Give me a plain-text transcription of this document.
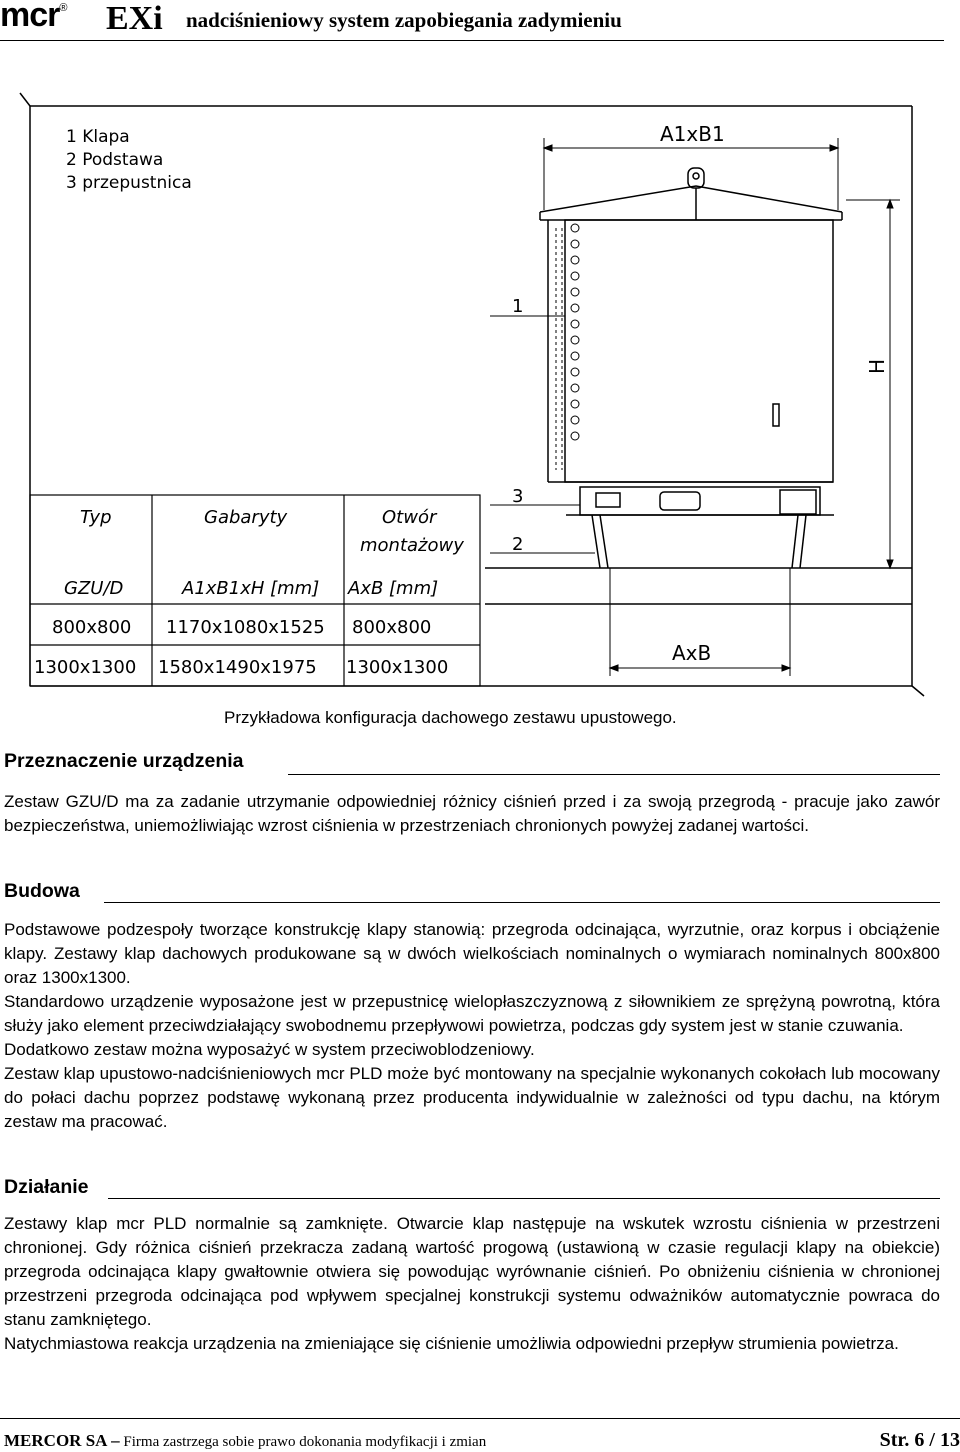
mcr® EXi nadciśnieniowy system zapobiegania zadymieniu
1 Klapa
2 Podstawa
3 przepustnica
A1xB1
H
AxB
1
3
2
Typ	Gabaryty	Otwór
montażowy
GZU/D	A1xB1xH [mm] AxB [mm]
800x800 1170x1080x1525 800x800
1300x1300 1580x1490x1975 1300x1300
Przykładowa konfiguracja dachowego zestawu upustowego.
Przeznaczenie urządzenia

Zestaw GZU/D ma za zadanie utrzymanie odpowiedniej różnicy ciśnień przed i za swoją przegrodą - pracuje jako zawór bezpieczeństwa, uniemożliwiając wzrost ciśnienia w przestrzeniach chronionych powyżej zadanej wartości.

Budowa

Podstawowe podzespoły tworzące konstrukcję klapy stanowią: przegroda odcinająca, wyrzutnie, oraz korpus i obciążenie klapy. Zestawy klap dachowych produkowane są w dwóch wielkościach nominalnych o wymiarach nominalnych 800x800 oraz 1300x1300.

Standardowo urządzenie wyposażone jest w przepustnicę wielopłaszczyznową z siłownikiem ze sprężyną powrotną, która służy jako element przeciwdziałający swobodnemu przepływowi powietrza, podczas gdy system jest w stanie czuwania.

Dodatkowo zestaw można wyposażyć w system przeciwoblodzeniowy.

Zestaw klap upustowo-nadciśnieniowych mcr PLD może być montowany na specjalnie wykonanych cokołach lub mocowany do połaci dachu poprzez podstawę wykonaną przez producenta indywidualnie w zależności od typu dachu, na którym zestaw ma pracować.

Działanie

Zestawy klap mcr PLD normalnie są zamknięte. Otwarcie klap następuje na wskutek wzrostu ciśnienia w przestrzeni chronionej. Gdy różnica ciśnień przekracza zadaną wartość progową (ustawioną w czasie regulacji klapy na obiekcie) przegroda odcinająca klapy gwałtownie otwiera się powodując wyrównanie ciśnień. Po obniżeniu ciśnienia w chronionej przestrzeni przegroda odcinająca pod wpływem specjalnej konstrukcji systemu odważników automatycznie powraca do stanu zamkniętego.

Natychmiastowa reakcja urządzenia na zmieniające się ciśnienie umożliwia odpowiedni przepływ strumienia powietrza.

MERCOR SA – Firma zastrzega sobie prawo dokonania modyfikacji i zmian	Str. 6 / 13
